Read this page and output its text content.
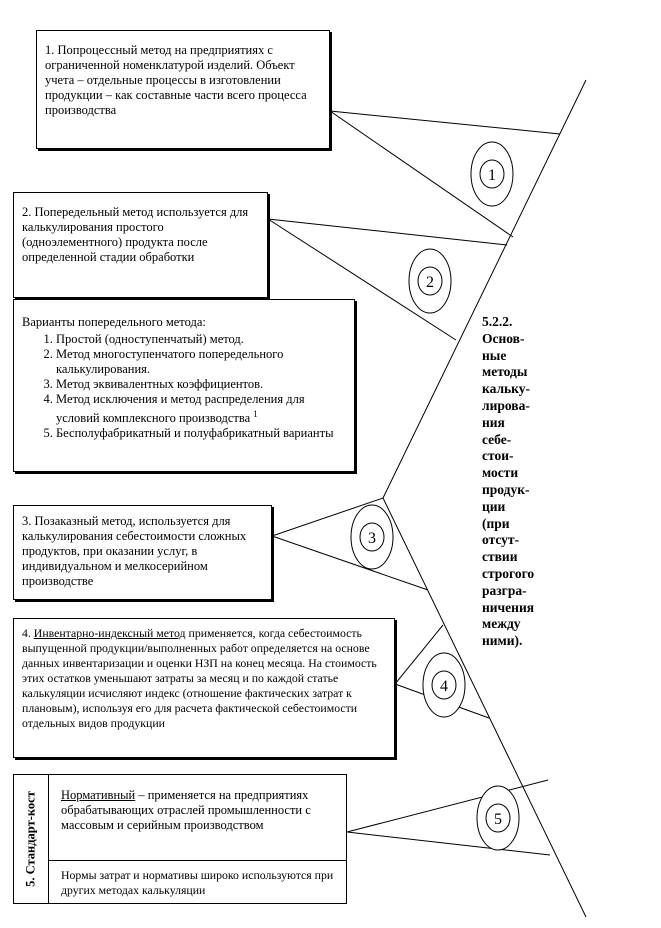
1
2
3
4
5
1. Попроцессный метод на предприятиях с ограниченной номенклатурой изделий. Объект учета – отдельные процессы в изготовлении продукции – как составные части всего процесса производства
2. Попередельный метод используется для калькулирования простого (одноэлементного) продукта после определенной стадии обработки
Варианты попередельного метода:
1. Простой (одноступенчатый) метод.
2. Метод многоступенчатого попередельного калькулирования.
3. Метод эквивалентных коэффициентов.
4. Метод исключения и метод распределения для условий комплексного производства $^1$
5. Бесполуфабрикатный и полуфабрикатный варианты
3. Позаказный метод, используется для калькулирования себестоимости сложных продуктов, при оказании услуг, в индивидуальном и мелкосерийном производстве
4. Инвентарно-индексный метод применяется, когда себестоимость выпущенной продукции/выполненных работ определяется на основе данных инвентаризации и оценки НЗП на конец месяца. На стоимость этих остатков уменьшают затраты за месяц и по каждой статье калькуляции исчисляют индекс (отношение фактических затрат к плановым), используя его для расчета фактической себестоимости отдельных видов продукции
5. Стандарт-кост	Нормативный – применяется на предприятиях обрабатывающих отраслей промышленности с массовым и серийным производством
Нормы затрат и нормативы широко используются при других методах калькуляции
5.2.2.
Основ-
ные
методы
кальку-
лирова-
ния
себе-
стои-
мости
продук-
ции
(при
отсут-
ствии
строгого
разгра-
ничения
между
ними).
